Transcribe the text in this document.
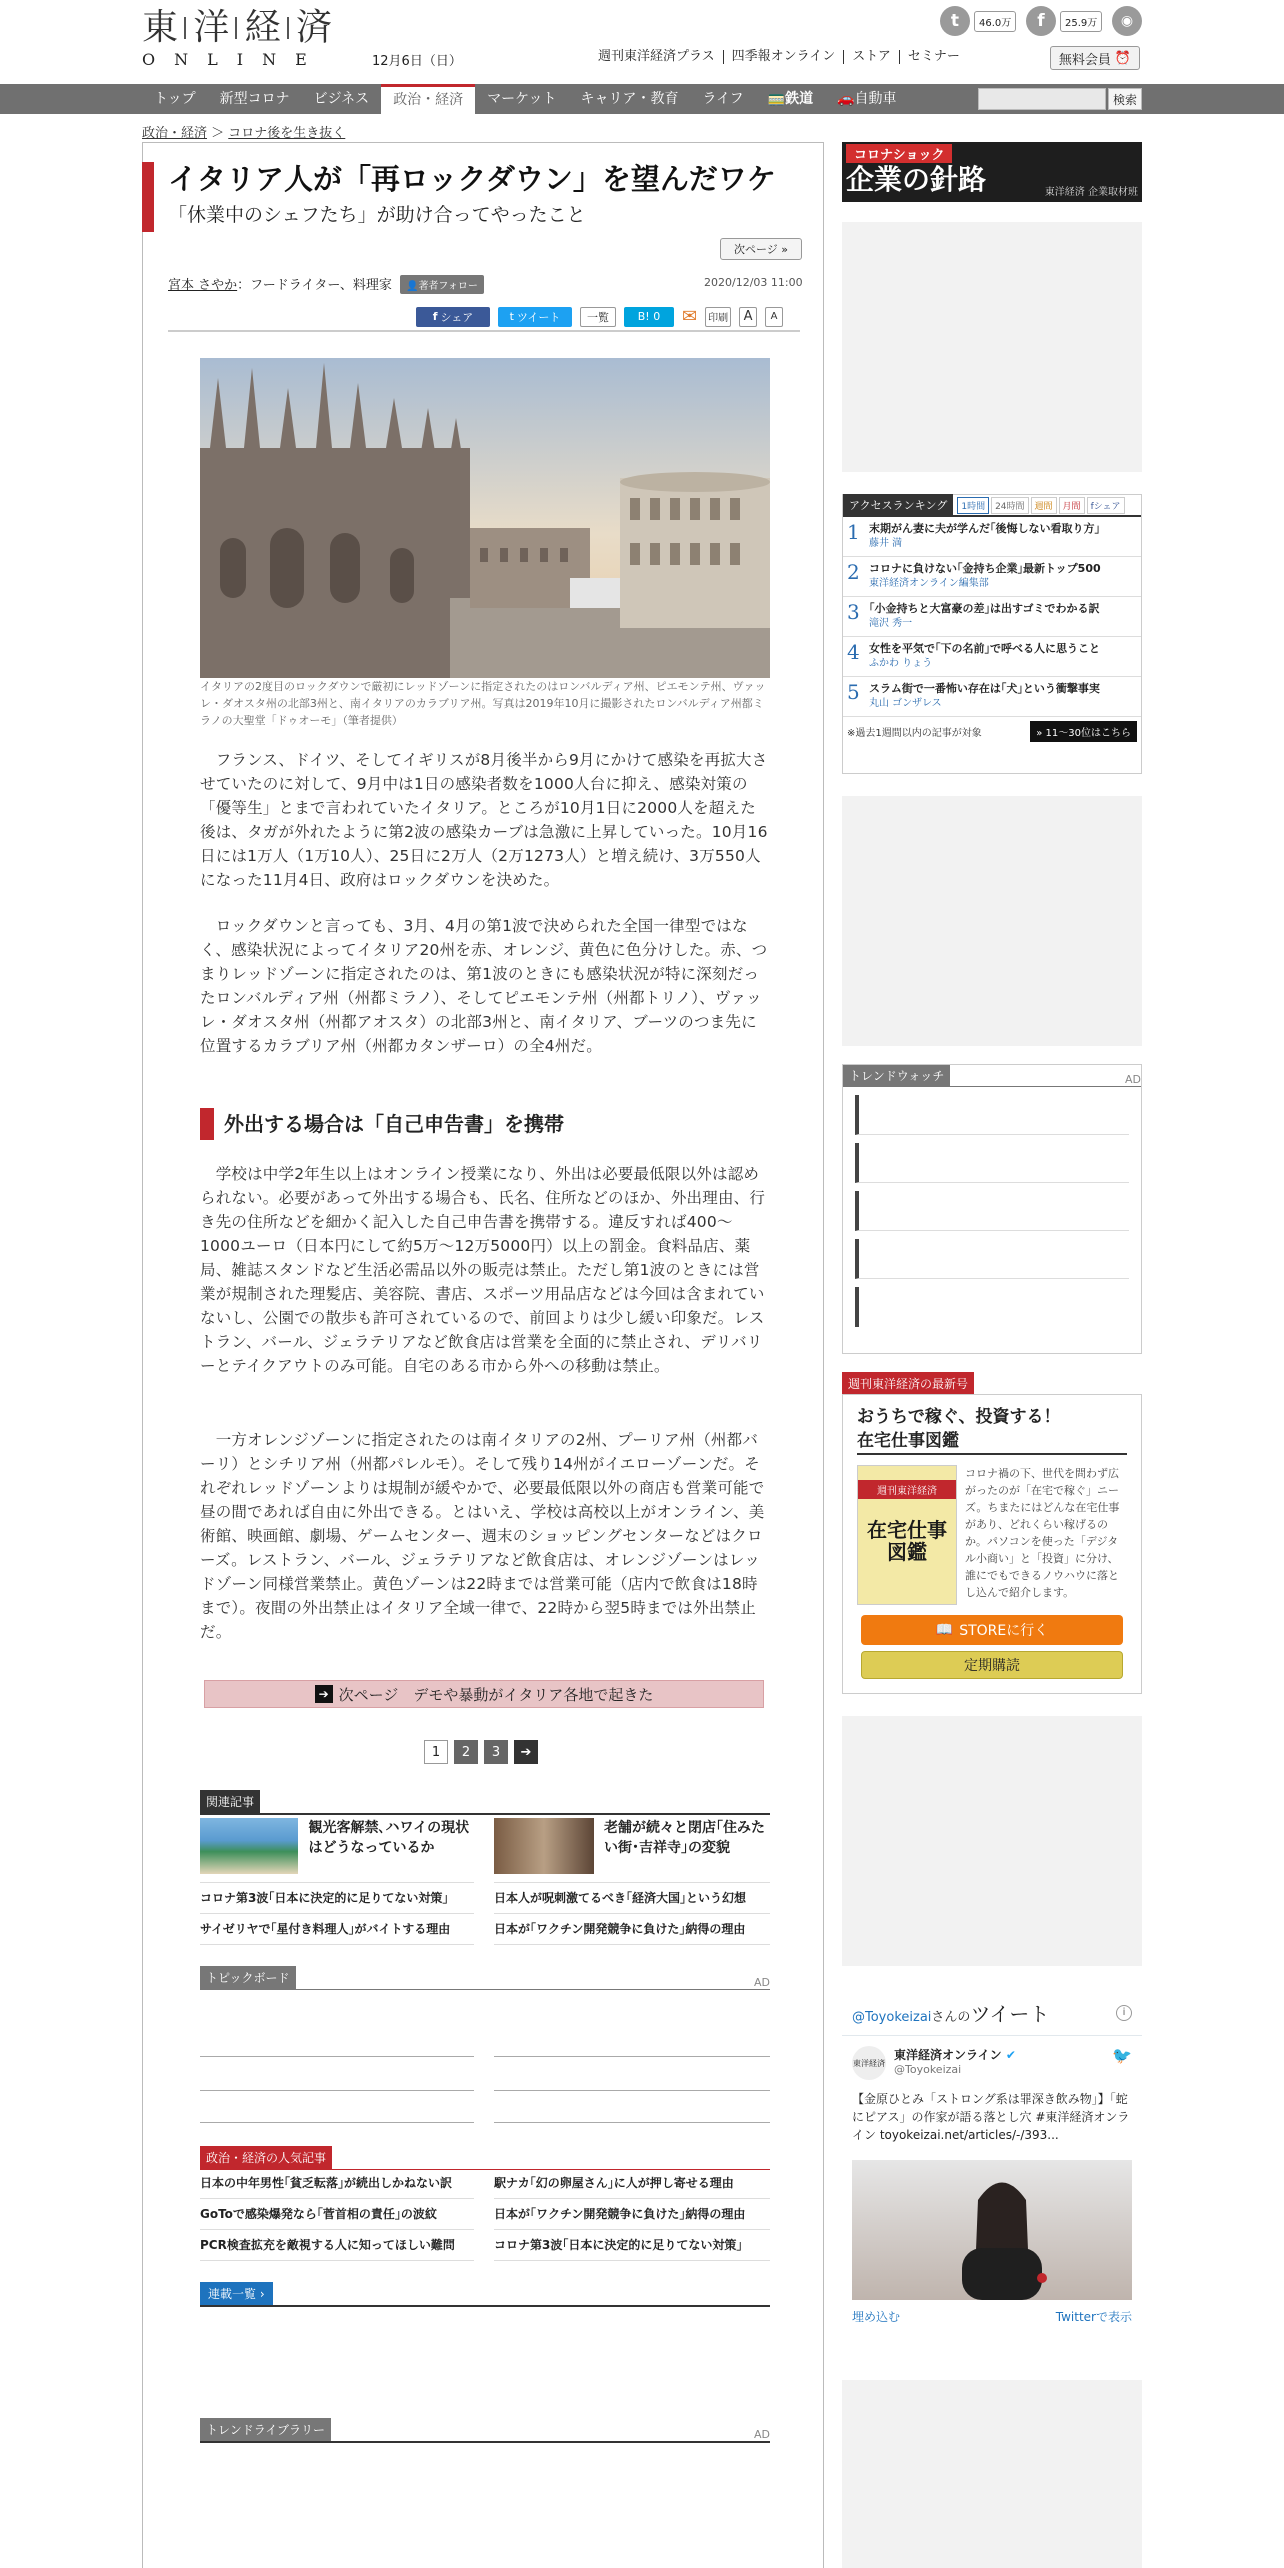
東 洋 経 済
ONLINE	12月6日（日）	週刊東洋経済プラス	四季報オンライン	ストア	セミナー
t	46.0万	f	25.9万	◉
無料会員 ⏰
トップ	新型コロナ	ビジネス	政治・経済	マーケット	キャリア・教育	ライフ	🚃鉄道	🚗自動車	検索
政治・経済 ＞ コロナ後を生き抜く
イタリア人が「再ロックダウン」を望んだワケ
「休業中のシェフたち」が助け合ってやったこと
次ページ »
宮本 さやか：フードライター、料理家 👤著者フォロー	2020/12/03 11:00
f シェア	t ツイート	一覧	B! 0	✉	印刷	A	A
イタリアの2度目のロックダウンで厳初にレッドゾーンに指定されたのはロンバルディア州、ピエモンテ州、ヴァッレ・ダオスタ州の北部3州と、南イタリアのカラブリア州。写真は2019年10月に撮影されたロンバルディア州都ミラノの大聖堂「ドゥオーモ」（筆者提供）

　フランス、ドイツ、そしてイギリスが8月後半から9月にかけて感染を再拡大させていたのに対して、9月中は1日の感染者数を1000人台に抑え、感染対策の「優等生」とまで言われていたイタリア。ところが10月1日に2000人を超えた後は、タガが外れたように第2波の感染カーブは急激に上昇していった。10月16日には1万人（1万10人）、25日に2万人（2万1273人）と増え続け、3万550人になった11月4日、政府はロックダウンを決めた。

　ロックダウンと言っても、3月、4月の第1波で決められた全国一律型ではなく、感染状況によってイタリア20州を赤、オレンジ、黄色に色分けした。赤、つまりレッドゾーンに指定されたのは、第1波のときにも感染状況が特に深刻だったロンバルディア州（州都ミラノ）、そしてピエモンテ州（州都トリノ）、ヴァッレ・ダオスタ州（州都アオスタ）の北部3州と、南イタリア、ブーツのつま先に位置するカラブリア州（州都カタンザーロ）の全4州だ。

外出する場合は「自己申告書」を携帯

　学校は中学2年生以上はオンライン授業になり、外出は必要最低限以外は認められない。必要があって外出する場合も、氏名、住所などのほか、外出理由、行き先の住所などを細かく記入した自己申告書を携帯する。違反すれば400～1000ユーロ（日本円にして約5万～12万5000円）以上の罰金。食料品店、薬局、雑誌スタンドなど生活必需品以外の販売は禁止。ただし第1波のときには営業が規制された理髪店、美容院、書店、スポーツ用品店などは今回は含まれていないし、公園での散歩も許可されているので、前回よりは少し緩い印象だ。レストラン、バール、ジェラテリアなど飲食店は営業を全面的に禁止され、デリバリーとテイクアウトのみ可能。自宅のある市から外への移動は禁止。

　一方オレンジゾーンに指定されたのは南イタリアの2州、プーリア州（州都バーリ）とシチリア州（州都パレルモ）。そして残り14州がイエローゾーンだ。それぞれレッドゾーンよりは規制が緩やかで、必要最低限以外の商店も営業可能で昼の間であれば自由に外出できる。とはいえ、学校は高校以上がオンライン、美術館、映画館、劇場、ゲームセンター、週末のショッピングセンターなどはクローズ。レストラン、バール、ジェラテリアなど飲食店は、オレンジゾーンはレッドゾーン同様営業禁止。黄色ゾーンは22時までは営業可能（店内で飲食は18時まで）。夜間の外出禁止はイタリア全域一律で、22時から翌5時までは外出禁止だ。

➔ 次ページ　デモや暴動がイタリア各地で起きた
1	2	3	➔
関連記事
観光客解禁､ハワイの現状はどうなっているか
老舗が続々と閉店｢住みたい街･吉祥寺｣の変貌
コロナ第3波｢日本に決定的に足りてない対策｣
サイゼリヤで｢星付き料理人｣がバイトする理由
日本人が呪刺激てるべき｢経済大国｣という幻想
日本が｢ワクチン開発競争に負けた｣納得の理由
トピックボード	AD
政治・経済の人気記事
日本の中年男性｢貧乏転落｣が続出しかねない訳
GoToで感染爆発なら｢菅首相の責任｣の波紋
PCR検査拡充を敵視する人に知ってほしい難問
駅ナカ｢幻の卵屋さん｣に人が押し寄せる理由
日本が｢ワクチン開発競争に負けた｣納得の理由
コロナ第3波｢日本に決定的に足りてない対策｣
連載一覧 ›
トレンドライブラリー	AD
コロナショック
企業の針路	東洋経済 企業取材班
アクセスランキング	1時間	24時間	週間	月間	fシェア
1 末期がん妻に夫が学んだ｢後悔しない看取り方｣
藤井 満
2 コロナに負けない｢金持ち企業｣最新トップ500
東洋経済オンライン編集部
3 ｢小金持ちと大富豪の差｣は出すゴミでわかる訳
滝沢 秀一
4 女性を平気で｢下の名前｣で呼べる人に思うこと
ふかわ りょう
5 スラム街で一番怖い存在は｢犬｣という衝撃事実
丸山 ゴンザレス
※過去1週間以内の記事が対象	» 11～30位はこちら
トレンドウォッチ	AD
週刊東洋経済の最新号
おうちで稼ぐ、投資する！
在宅仕事図鑑
週刊東洋経済
在宅仕事図鑑
コロナ禍の下、世代を問わず広がったのが「在宅で稼ぐ」ニーズ。ちまたにはどんな在宅仕事があり、どれくらい稼げるのか。パソコンを使った「デジタル小商い」と「投資」に分け、誰にでもできるノウハウに落とし込んで紹介します。
📖 STOREに行く
定期購読
@Toyokeizaiさんのツイート	i
東洋経済
東洋経済オンライン ✔
@Toyokeizai
🐦
【金原ひとみ「ストロング系は罪深き飲み物」】「蛇にピアス」の作家が語る落とし穴 #東洋経済オンライン toyokeizai.net/articles/-/393...
埋め込む	Twitterで表示
